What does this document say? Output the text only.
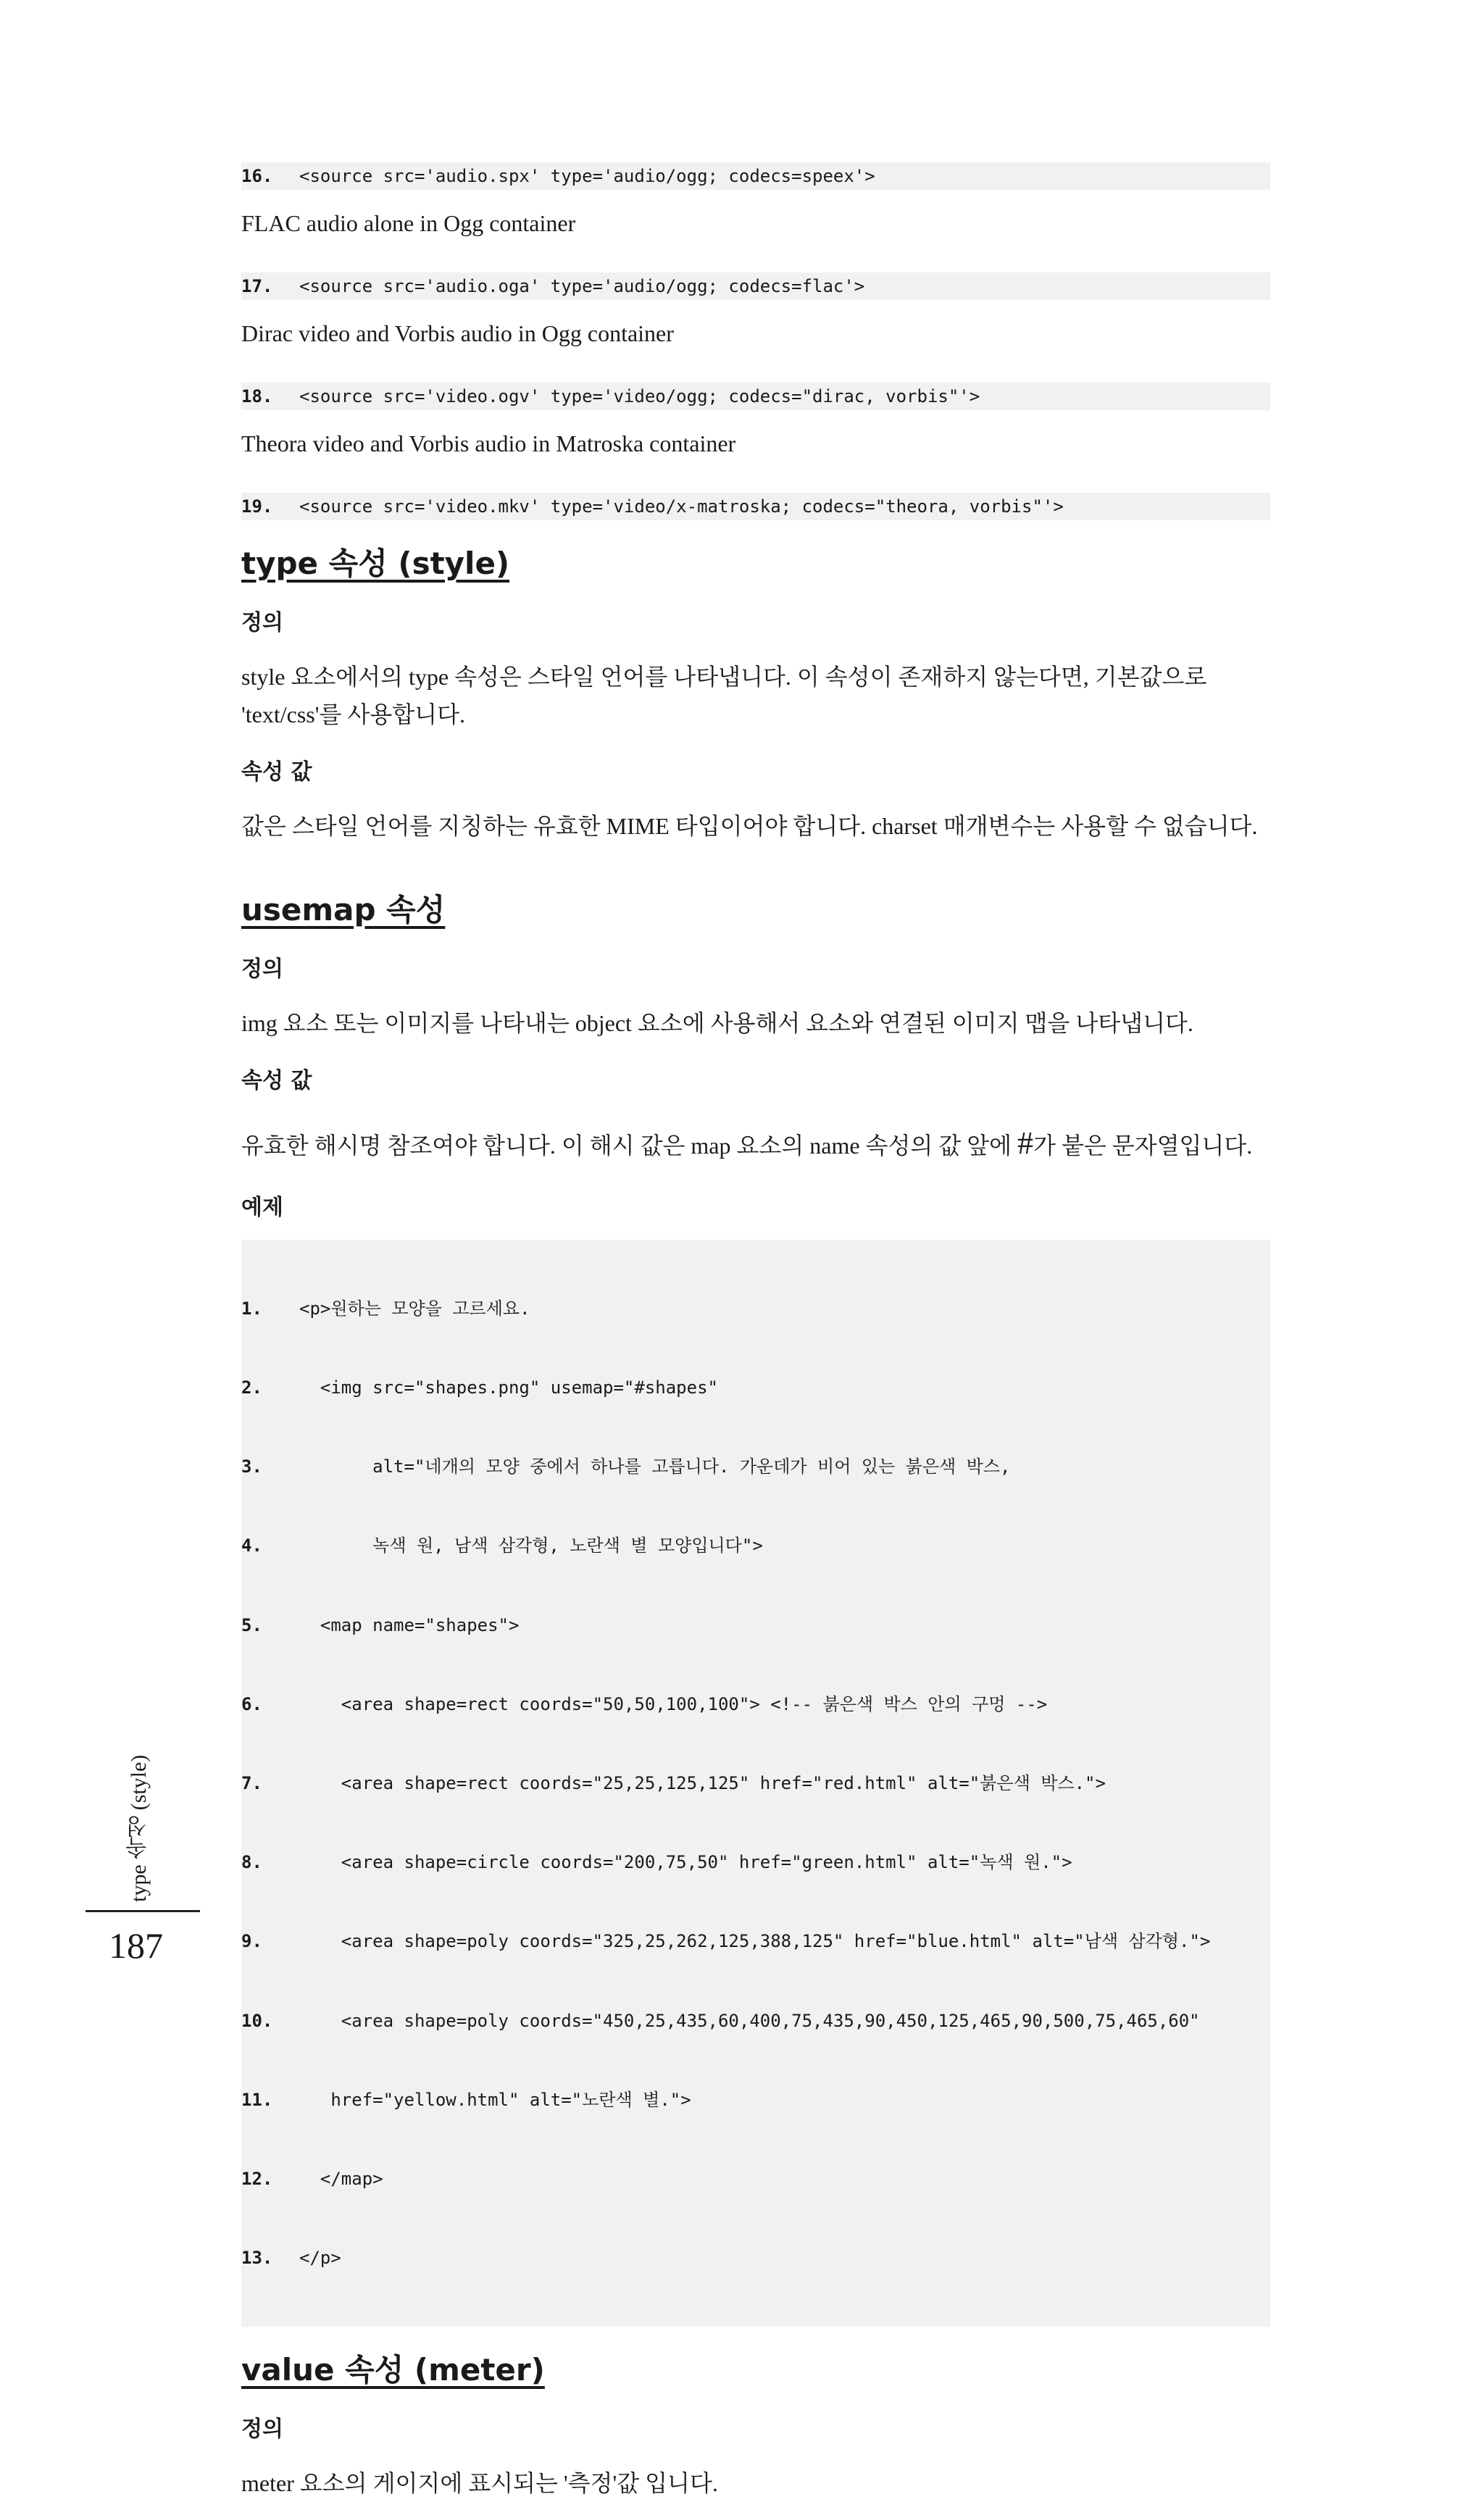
16. <source src='audio.spx' type='audio/ogg; codecs=speex'>

FLAC audio alone in Ogg container

17. <source src='audio.oga' type='audio/ogg; codecs=flac'>

Dirac video and Vorbis audio in Ogg container

18. <source src='video.ogv' type='video/ogg; codecs="dirac, vorbis"'>

Theora video and Vorbis audio in Matroska container

19. <source src='video.mkv' type='video/x-matroska; codecs="theora, vorbis"'>
type 속성 (style)
정의

style 요소에서의 type 속성은 스타일 언어를 나타냅니다. 이 속성이 존재하지 않는다면, 기본값으로 'text/css'를 사용합니다.

속성 값

값은 스타일 언어를 지칭하는 유효한 MIME 타입이어야 합니다. charset 매개변수는 사용할 수 없습니다.

usemap 속성
정의

img 요소 또는 이미지를 나타내는 object 요소에 사용해서 요소와 연결된 이미지 맵을 나타냅니다.

속성 값

유효한 해시명 참조여야 합니다. 이 해시 값은 map 요소의 name 속성의 값 앞에 #가 붙은 문자열입니다.

예제

1. <p>원하는 모양을 고르세요.

2.  <img src="shapes.png" usemap="#shapes"

3.       alt="네개의 모양 중에서 하나를 고릅니다. 가운데가 비어 있는 붉은색 박스,

4.       녹색 원, 남색 삼각형, 노란색 별 모양입니다">

5.  <map name="shapes">

6.    <area shape=rect coords="50,50,100,100"> <!-- 붉은색 박스 안의 구멍 -->

7.    <area shape=rect coords="25,25,125,125" href="red.html" alt="붉은색 박스.">

8.    <area shape=circle coords="200,75,50" href="green.html" alt="녹색 원.">

9.    <area shape=poly coords="325,25,262,125,388,125" href="blue.html" alt="남색 삼각형.">

10.    <area shape=poly coords="450,25,435,60,400,75,435,90,450,125,465,90,500,75,465,60"

11.   href="yellow.html" alt="노란색 별.">

12.  </map>

13. </p>

value 속성 (meter)
정의

meter 요소의 게이지에 표시되는 '측정'값 입니다.

type 속성 (style)
187
